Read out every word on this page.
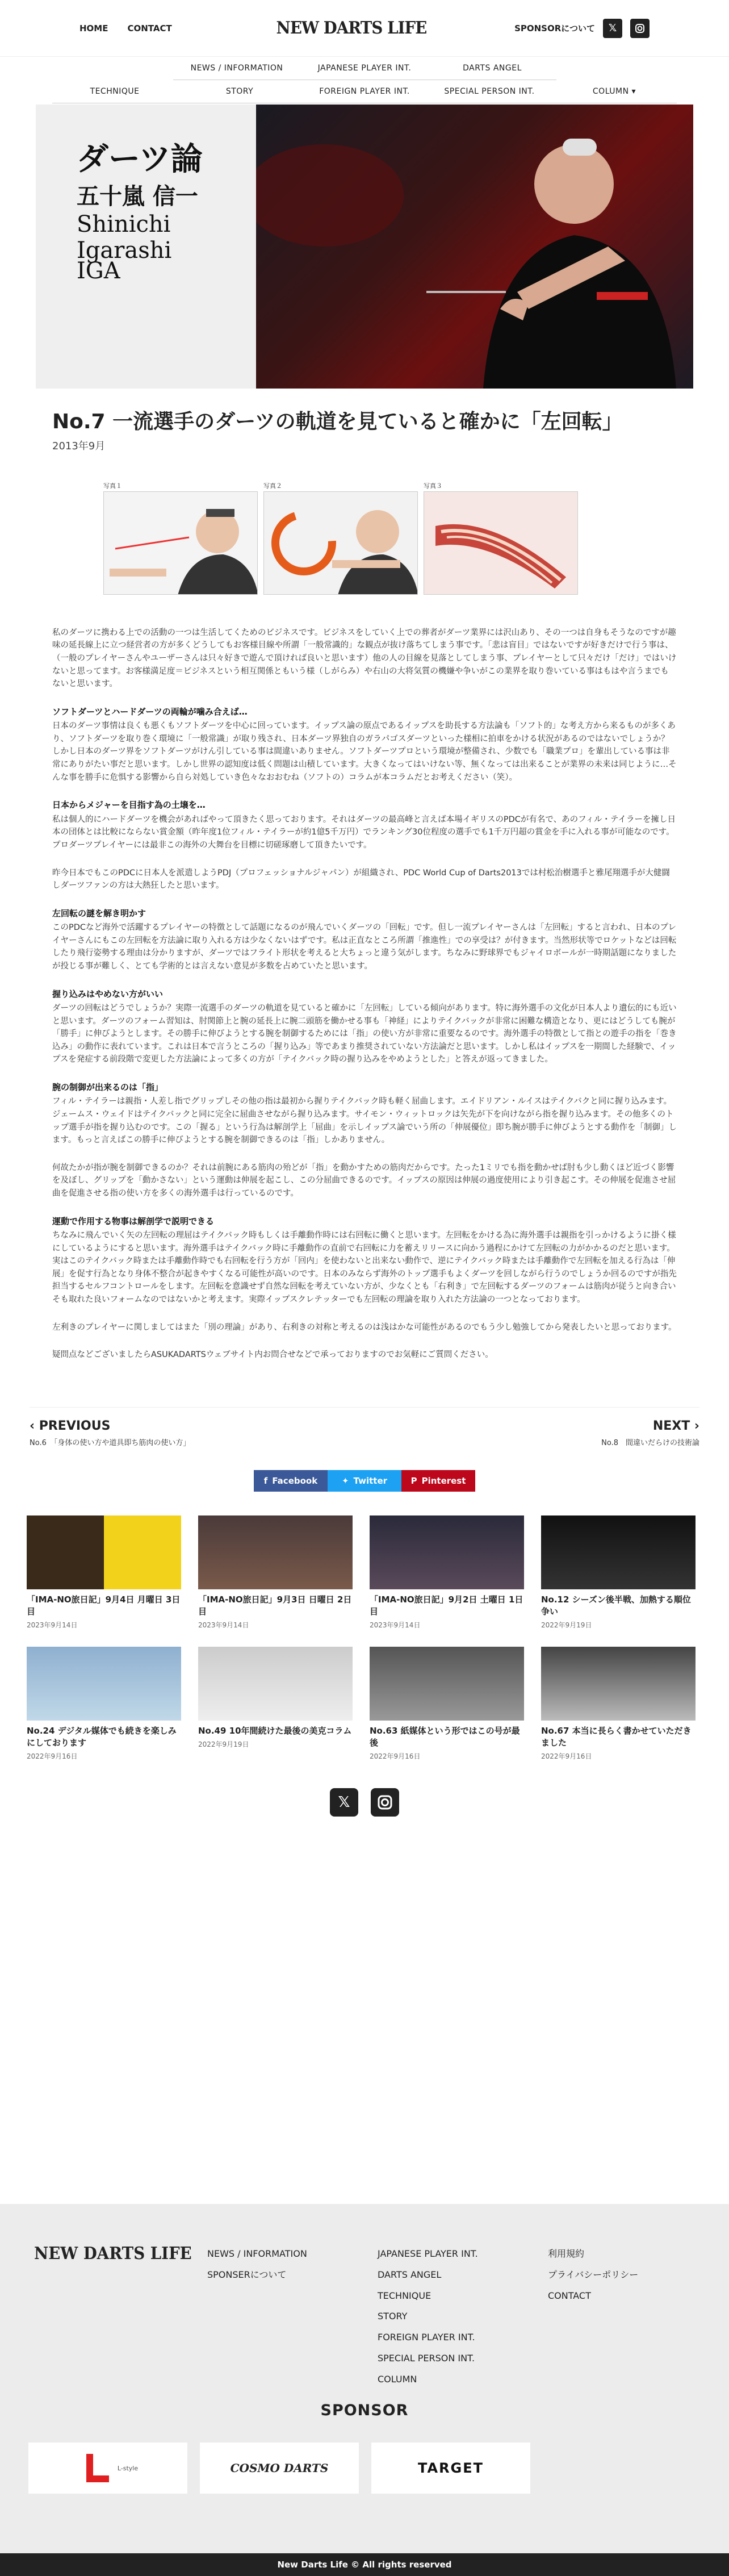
HOME CONTACT	NEW DARTS LIFE	SPONSORについて	𝕏
NEWS / INFORMATION	JAPANESE PLAYER INT.	DARTS ANGEL
TECHNIQUE	STORY	FOREIGN PLAYER INT.	SPECIAL PERSON INT.	COLUMN ▾
ダーツ論
五十嵐 信一
Shinichi Igarashi
IGA
No.7 一流選手のダーツの軌道を見ていると確かに「左回転」
2013年9月
写真１	写真２	写真３

私のダーツに携わる上での活動の一つは生活してくためのビジネスです。ビジネスをしていく上での葬者がダーツ業界には沢山あり、その一つは自身もそうなのですが趣味の延長線上に立つ経営者の方が多くどうしてもお客様目線や所謂「一般常識的」な観点が抜け落ちてしまう事です。「悲は盲目」ではないですが好きだけで行う事は、（一般のプレイヤーさんやユーザーさんは只々好きで遊んで頂ければ良いと思います）他の人の目線を見落としてしまう事、プレイヤーとして只々だけ「だけ」ではいけないと思ってます。お客様満足度＝ビジネスという相互関係ともいう様（しがらみ）や右山の大将気質の機嫌や争いがこの業界を取り巻いている事はもはや言うまでもないと思います。

ソフトダーツとハードダーツの両輪が噛み合えば…
日本のダーツ事情は良くも悪くもソフトダーツを中心に回っています。イップス論の原点であるイップスを助長する方法論も「ソフト的」な考え方から来るものが多くあり、ソフトダーツを取り巻く環境に「一般常識」が取り残され、日本ダーツ界独自のガラパゴスダーツといった様相に拍車をかける状況があるのではないでしょうか？しかし日本のダーツ界をソフトダーツがけん引している事は間違いありません。ソフトダーツプロという環境が整備され、少数でも「職業プロ」を輩出している事は非常にありがたい事だと思います。しかし世界の認知度は低く問題は山積しています。大きくなってはいけない等、無くなっては出来ることが業界の未来は同じように…そんな事を勝手に危惧する影響から自ら対処していき色々なおおむね（ソフトの）コラムが本コラムだとお考えください（笑）。

日本からメジャーを目指す為の土壌を…
私は個人的にハードダーツを機会があればやって頂きたく思っております。それはダーツの最高峰と言えば本場イギリスのPDCが有名で、あのフィル・テイラーを擁し日本の団体とは比較にならない賞金額（昨年度1位フィル・テイラーが約1億5千万円）でランキング30位程度の選手でも1千万円超の賞金を手に入れる事が可能なのです。プロダーツプレイヤーには最非この海外の大舞台を目標に切磋琢磨して頂きたいです。

昨今日本でもこのPDCに日本人を派遣しようPDJ（プロフェッショナルジャパン）が組織され、PDC World Cup of Darts2013では村松治樹選手と雅尾翔選手が大健闘しダーツファンの方は大熱狂したと思います。

左回転の謎を解き明かす
このPDCなど海外で活躍するプレイヤーの特徴として話題になるのが飛んでいくダーツの「回転」です。但し一流プレイヤーさんは「左回転」すると言われ、日本のプレイヤーさんにもこの左回転を方法論に取り入れる方は少なくないはずです。私は正直なところ所謂「推進性」での享受は？が付きます。当然形状等でロケットなどは回転したり飛行姿勢する理由は分かりますが、ダーツではフライト形状を考えると大ちょっと違う気がします。ちなみに野球界でもジャイロボールが一時期話題になりましたが投じる事が難しく、とても学術的とは言えない意見が多数を占めていたと思います。

握り込みはやめない方がいい
ダーツの回転はどうでしょうか？実際一流選手のダーツの軌道を見ていると確かに「左回転」している傾向があります。特に海外選手の文化が日本人より遺伝的にも近いと思います。ダーツのフォーム習知は、肘関節上と腕の延長上に腕二頭筋を働かせる事も「神経」によりテイクバックが非常に困難な構造となり、更にはどうしても腕が「勝手」に伸びようとします。その勝手に伸びようとする腕を制御するためには「指」の使い方が非常に重要なるのです。海外選手の特徴として指との遊手の指を「巻き込み」の動作に表れています。これは日本で言うところの「握り込み」等であまり推奨されていない方法論だと思います。しかし私はイップスを一期間した経験で、イップスを発症する前段階で変更した方法論によって多くの方が「テイクバック時の握り込みをやめようとした」と答えが返ってきました。

腕の制御が出来るのは「指」
フィル・テイラーは親指・人差し指でグリップしその他の指は最初から握りテイクバック時も軽く屈曲します。エイドリアン・ルイスはテイクバクと同に握り込みます。ジェームス・ウェイドはテイクバックと同に完全に屈曲させながら握り込みます。サイモン・ウィットロックは矢先が下を向けながら指を握り込みます。その他多くのトップ選手が指を握り込むのです。この「握る」という行為は解剖学上「屈曲」を示しイップス論でいう所の「伸展優位」即ち腕が勝手に伸びようとする動作を「制御」します。もっと言えばこの勝手に伸びようとする腕を制御できるのは「指」しかありません。

何故たかが指が腕を制御できるのか？それは前腕にある筋肉の殆どが「指」を動かすための筋肉だからです。たった1ミリでも指を動かせば肘も少し動くほど近づく影響を及ぼし、グリップを「動かさない」という運動は伸展を起こし、この分屈曲できるのです。イップスの原因は伸展の過度使用により引き起こす。その伸展を促進させ屈曲を促進させる指の使い方を多くの海外選手は行っているのです。

運動で作用する物事は解剖学で説明できる
ちなみに飛んでいく矢の左回転の理屈はテイクバック時もしくは手離動作時には右回転に働くと思います。左回転をかける為に海外選手は親指を引っかけるように掛く様にしているようにすると思います。海外選手はテイクバック時に手離動作の直前で右回転に力を蓄えリリースに向かう過程にかけて左回転の力がかかるのだと思います。実はこのテイクバック時または手離動作時でも右回転を行う方が「回内」を使わないと出来ない動作で、逆にテイクバック時または手離動作で左回転を加える行為は「伸展」を促す行為となり身体不整合が起きやすくなる可能性が高いのです。日本のみならず海外のトップ選手もよくダーツを回しながら行うのでしょうか回るのですが指先担当するセルフコントロールをします。左回転を意識せず自然な回転を考えていない方が、少なくとも「右利き」で左回転するダーツのフォームは筋肉が従うと向き合いそも取れた良いフォームなのではないかと考えます。実際イップスクレテッターでも左回転の理論を取り入れた方法論の一つとなっております。

左利きのプレイヤーに関しましてはまた「別の理論」があり、右利きの対称と考えるのは浅はかな可能性があるのでもう少し勉強してから発表したいと思っております。

疑問点などございましたらASUKADARTSウェブサイト内お問合せなどで承っておりますのでお気軽にご質問ください。

‹ PREVIOUS
No.6　「身体の使い方や道具即ち筋肉の使い方」
NEXT ›
No.8　間違いだらけの技術論
f Facebook	✦ Twitter	P Pinterest
「IMA-NO旅日記」9月4日 月曜日 3日目
2023年9月14日
「IMA-NO旅日記」9月3日 日曜日 2日目
2023年9月14日
「IMA-NO旅日記」9月2日 土曜日 1日目
2023年9月14日
No.12 シーズン後半戦、加熱する順位争い
2022年9月19日
No.24 デジタル媒体でも続きを楽しみにしております
2022年9月16日
No.49 10年間続けた最後の美克コラム
2022年9月19日
No.63 紙媒体という形ではこの号が最後
2022年9月16日
No.67 本当に長らく書かせていただきました
2022年9月16日
𝕏
NEW DARTS LIFE NEWS / INFORMATION
SPONSERについて
JAPANESE PLAYER INT.
DARTS ANGEL
TECHNIQUE
STORY
FOREIGN PLAYER INT.
SPECIAL PERSON INT.
COLUMN
利用規約
プライバシーポリシー
CONTACT
SPONSOR
L-style	COSMO DARTS	TARGET
New Darts Life © All rights reserved
